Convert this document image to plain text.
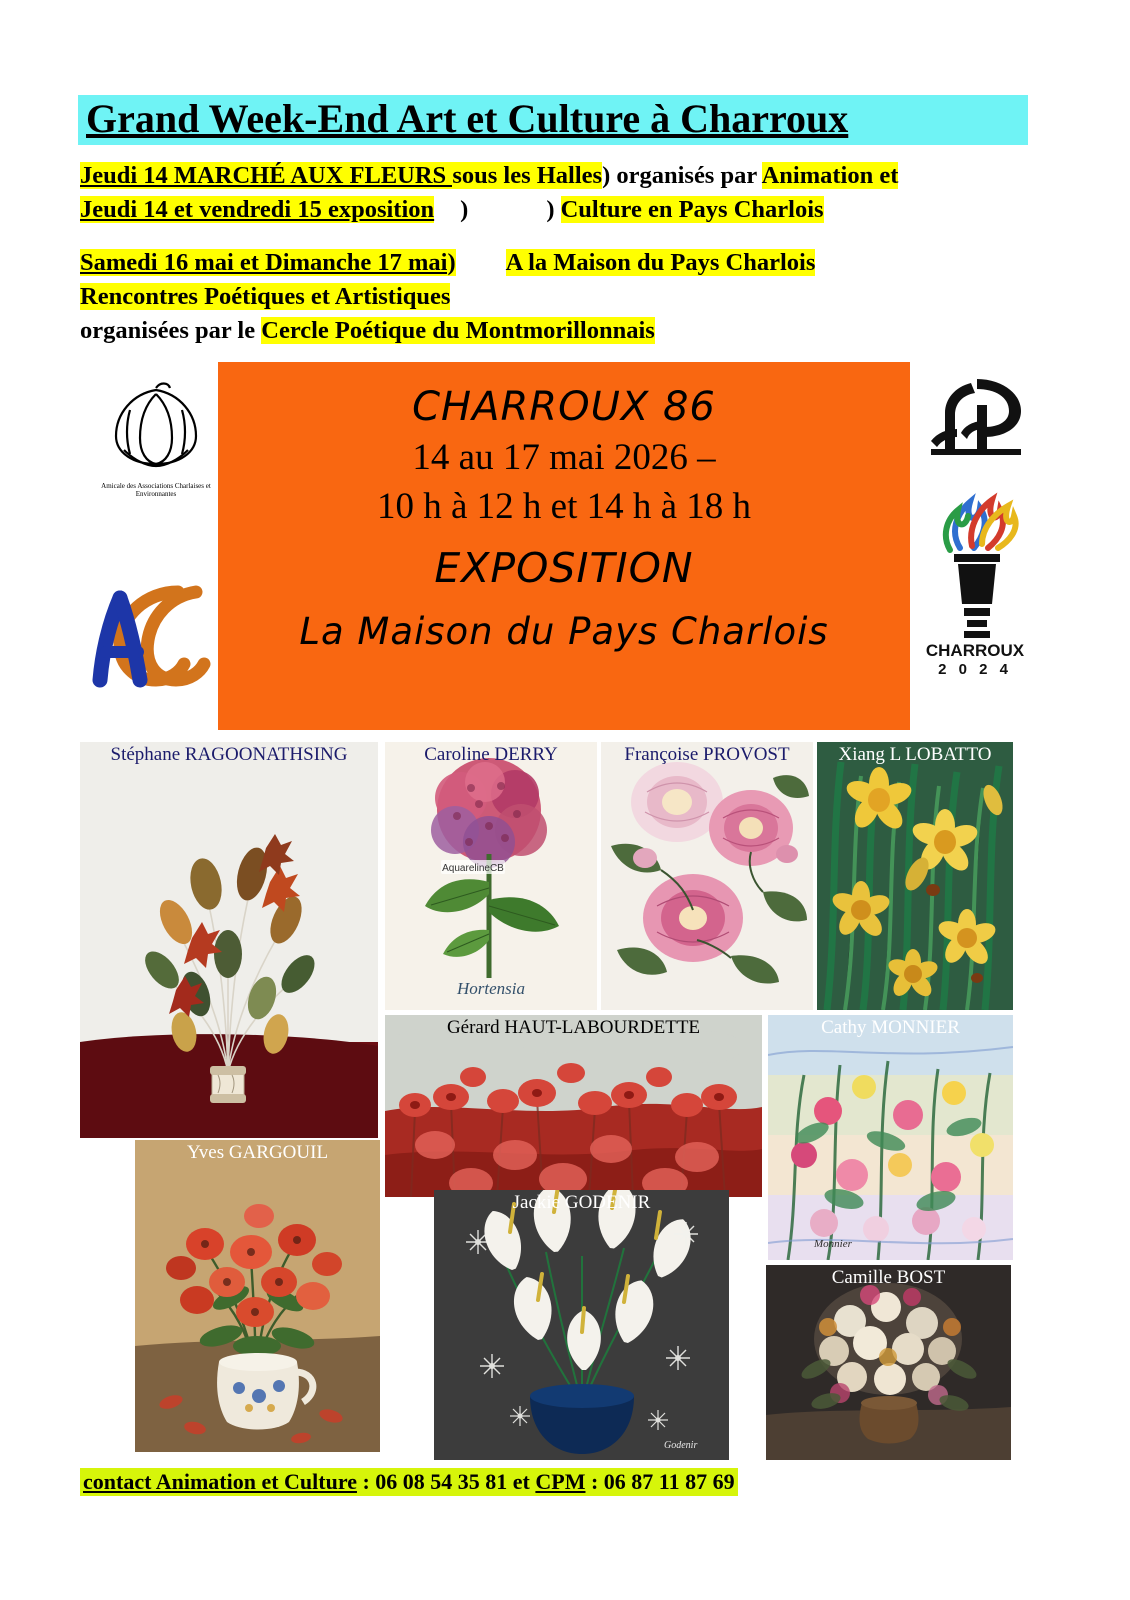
Grand Week-End Art et Culture à Charroux
Jeudi 14 MARCHÉ AUX FLEURS sous les Halles) organisés par Animation et
Jeudi 14 et vendredi 15 exposition )	) Culture en Pays Charlois
Samedi 16 mai et Dimanche 17 mai) A la Maison du Pays Charlois
Rencontres Poétiques et Artistiques
organisées par le Cercle Poétique du Montmorillonnais
CHARROUX 86
14 au 17 mai 2026 –
10 h à 12 h et 14 h à 18 h
EXPOSITION
La Maison du Pays Charlois
Amicale des Associations Charlaises et Environnantes
CHARROUX
2 0 2 4
Stéphane RAGOONATHSING
AquarelineCB
Hortensia
Caroline DERRY	Françoise PROVOST	Xiang L LOBATTO
Gérard HAUT-LABOURDETTE
Monnier
Cathy MONNIER
Yves GARGOUIL
Godenir
Jackie GODENIR
Camille BOST
contact Animation et Culture : 06 08 54 35 81 et CPM : 06 87 11 87 69
